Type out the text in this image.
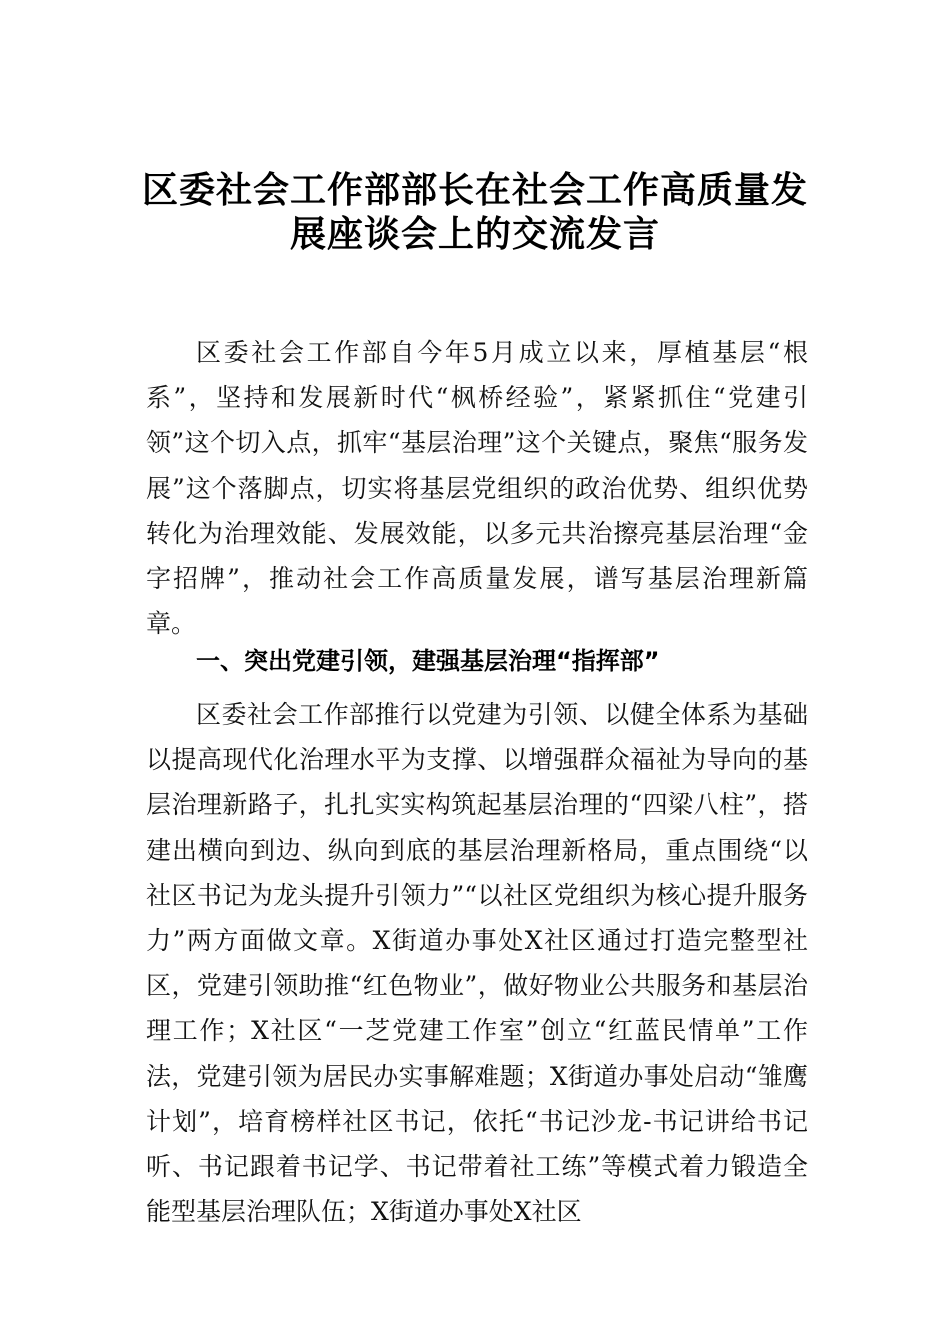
区委社会工作部部长在社会工作高质量发
展座谈会上的交流发言

区委社会工作部自今年5月成立以来，厚植基层“根系”，坚持和发展新时代“枫桥经验”，紧紧抓住“党建引领”这个切入点，抓牢“基层治理”这个关键点，聚焦“服务发展”这个落脚点，切实将基层党组织的政治优势、组织优势转化为治理效能、发展效能，以多元共治擦亮基层治理“金字招牌”，推动社会工作高质量发展，谱写基层治理新篇章。

一、突出党建引领，建强基层治理“指挥部”

区委社会工作部推行以党建为引领、以健全体系为基础以提高现代化治理水平为支撑、以增强群众福祉为导向的基层治理新路子，扎扎实实构筑起基层治理的“四梁八柱”，搭建出横向到边、纵向到底的基层治理新格局，重点围绕“以社区书记为龙头提升引领力”“以社区党组织为核心提升服务力”两方面做文章。X街道办事处X社区通过打造完整型社区，党建引领助推“红色物业”，做好物业公共服务和基层治理工作；X社区“一芝党建工作室”创立“红蓝民情单”工作法，党建引领为居民办实事解难题；X街道办事处启动“雏鹰计划”，培育榜样社区书记，依托“书记沙龙-书记讲给书记听、书记跟着书记学、书记带着社工练”等模式着力锻造全能型基层治理队伍；X街道办事处X社区
